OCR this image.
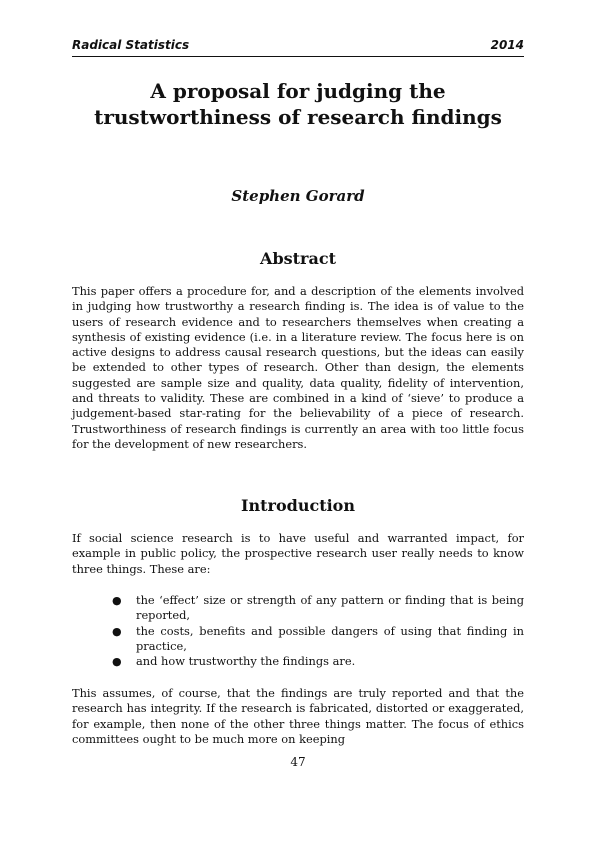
Radical Statistics	2014
A proposal for judging the trustworthiness of research findings
Stephen Gorard
Abstract

This paper offers a procedure for, and a description of the elements involved in judging how trustworthy a research finding is. The idea is of value to the users of research evidence and to researchers themselves when creating a synthesis of existing evidence (i.e. in a literature review. The focus here is on active designs to address causal research questions, but the ideas can easily be extended to other types of research. Other than design, the elements suggested are sample size and quality, data quality, fidelity of intervention, and threats to validity. These are combined in a kind of ‘sieve’ to produce a judgement-based star-rating for the believability of a piece of research. Trustworthiness of research findings is currently an area with too little focus for the development of new researchers.

Introduction

If social science research is to have useful and warranted impact, for example in public policy, the prospective research user really needs to know three things. These are:

● the ‘effect’ size or strength of any pattern or finding that is being reported,
● the costs, benefits and possible dangers of using that finding in practice,
● and how trustworthy the findings are.

This assumes, of course, that the findings are truly reported and that the research has integrity. If the research is fabricated, distorted or exaggerated, for example, then none of the other three things matter. The focus of ethics committees ought to be much more on keeping

47
